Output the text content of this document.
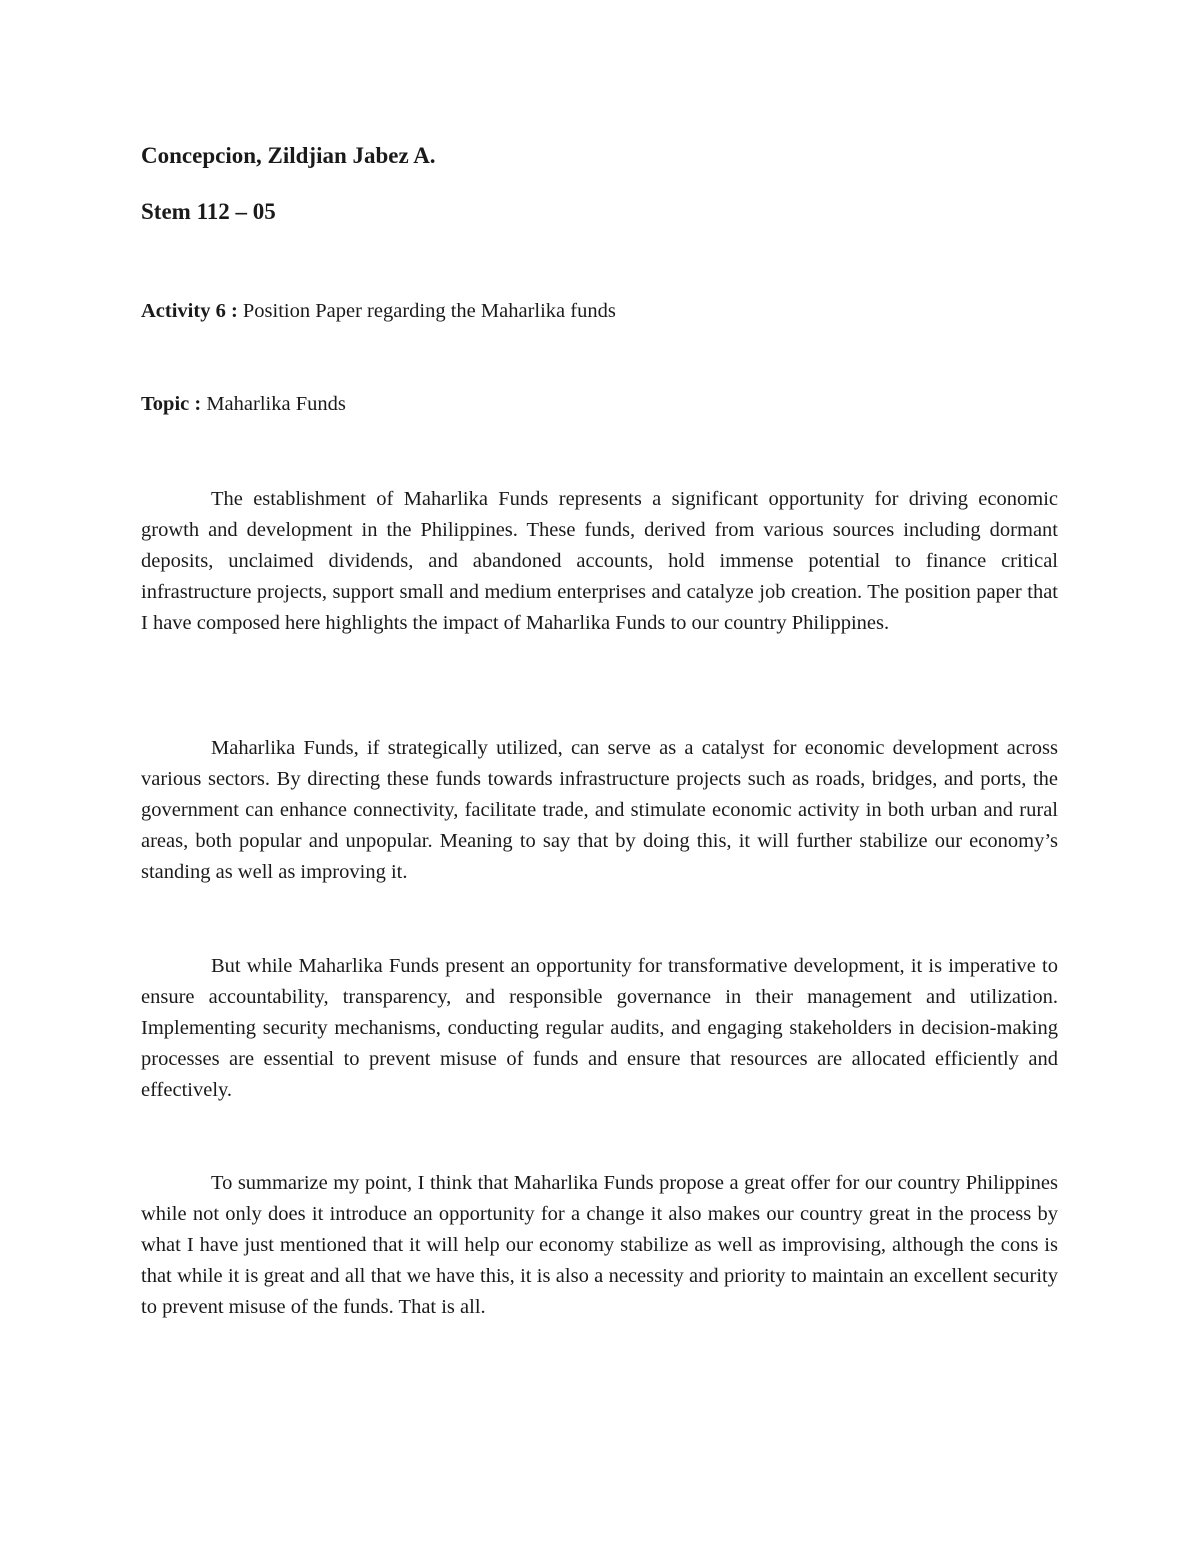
Concepcion, Zildjian Jabez A.
Stem 112 – 05
Activity 6 : Position Paper regarding the Maharlika funds
Topic : Maharlika Funds

The establishment of Maharlika Funds represents a significant opportunity for driving economic growth and development in the Philippines. These funds, derived from various sources including dormant deposits, unclaimed dividends, and abandoned accounts, hold immense potential to finance critical infrastructure projects, support small and medium enterprises and catalyze job creation. The position paper that I have composed here highlights the impact of Maharlika Funds to our country Philippines.

Maharlika Funds, if strategically utilized, can serve as a catalyst for economic development across various sectors. By directing these funds towards infrastructure projects such as roads, bridges, and ports, the government can enhance connectivity, facilitate trade, and stimulate economic activity in both urban and rural areas, both popular and unpopular. Meaning to say that by doing this, it will further stabilize our economy’s standing as well as improving it.

But while Maharlika Funds present an opportunity for transformative development, it is imperative to ensure accountability, transparency, and responsible governance in their management and utilization. Implementing security mechanisms, conducting regular audits, and engaging stakeholders in decision-making processes are essential to prevent misuse of funds and ensure that resources are allocated efficiently and effectively.

To summarize my point, I think that Maharlika Funds propose a great offer for our country Philippines while not only does it introduce an opportunity for a change it also makes our country great in the process by what I have just mentioned that it will help our economy stabilize as well as improvising, although the cons is that while it is great and all that we have this, it is also a necessity and priority to maintain an excellent security to prevent misuse of the funds. That is all.
